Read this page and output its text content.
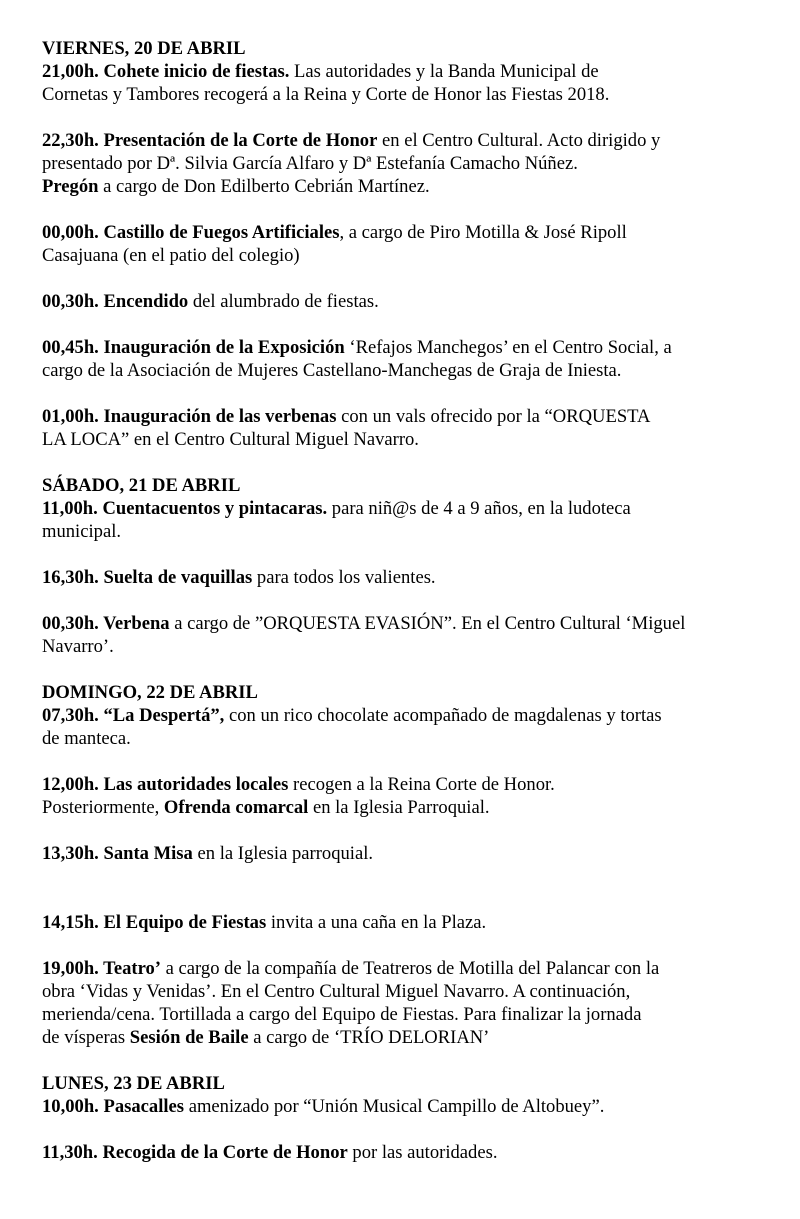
VIERNES, 20 DE ABRIL
21,00h. Cohete inicio de fiestas. Las autoridades y la Banda Municipal de
Cornetas y Tambores recogerá a la Reina y Corte de Honor las Fiestas 2018.
22,30h. Presentación de la Corte de Honor en el Centro Cultural. Acto dirigido y
presentado por Dª. Silvia García Alfaro y Dª Estefanía Camacho Núñez.
Pregón a cargo de Don Edilberto Cebrián Martínez.
00,00h. Castillo de Fuegos Artificiales, a cargo de Piro Motilla & José Ripoll
Casajuana (en el patio del colegio)
00,30h. Encendido del alumbrado de fiestas.
00,45h. Inauguración de la Exposición ‘Refajos Manchegos’ en el Centro Social, a
cargo de la Asociación de Mujeres Castellano-Manchegas de Graja de Iniesta.
01,00h. Inauguración de las verbenas con un vals ofrecido por la “ORQUESTA
LA LOCA” en el Centro Cultural Miguel Navarro.
SÁBADO, 21 DE ABRIL
11,00h. Cuentacuentos y pintacaras. para niñ@s de 4 a 9 años, en la ludoteca
municipal.
16,30h. Suelta de vaquillas para todos los valientes.
00,30h. Verbena a cargo de ”ORQUESTA EVASIÓN”. En el Centro Cultural ‘Miguel
Navarro’.
DOMINGO, 22 DE ABRIL
07,30h. “La Despertá”, con un rico chocolate acompañado de magdalenas y tortas
de manteca.
12,00h. Las autoridades locales recogen a la Reina Corte de Honor.
Posteriormente, Ofrenda comarcal en la Iglesia Parroquial.
13,30h. Santa Misa en la Iglesia parroquial.
14,15h. El Equipo de Fiestas invita a una caña en la Plaza.
19,00h. Teatro’ a cargo de la compañía de Teatreros de Motilla del Palancar con la
obra ‘Vidas y Venidas’. En el Centro Cultural Miguel Navarro. A continuación,
merienda/cena. Tortillada a cargo del Equipo de Fiestas. Para finalizar la jornada
de vísperas Sesión de Baile a cargo de ‘TRÍO DELORIAN’
LUNES, 23 DE ABRIL
10,00h. Pasacalles amenizado por “Unión Musical Campillo de Altobuey”.
11,30h. Recogida de la Corte de Honor por las autoridades.
